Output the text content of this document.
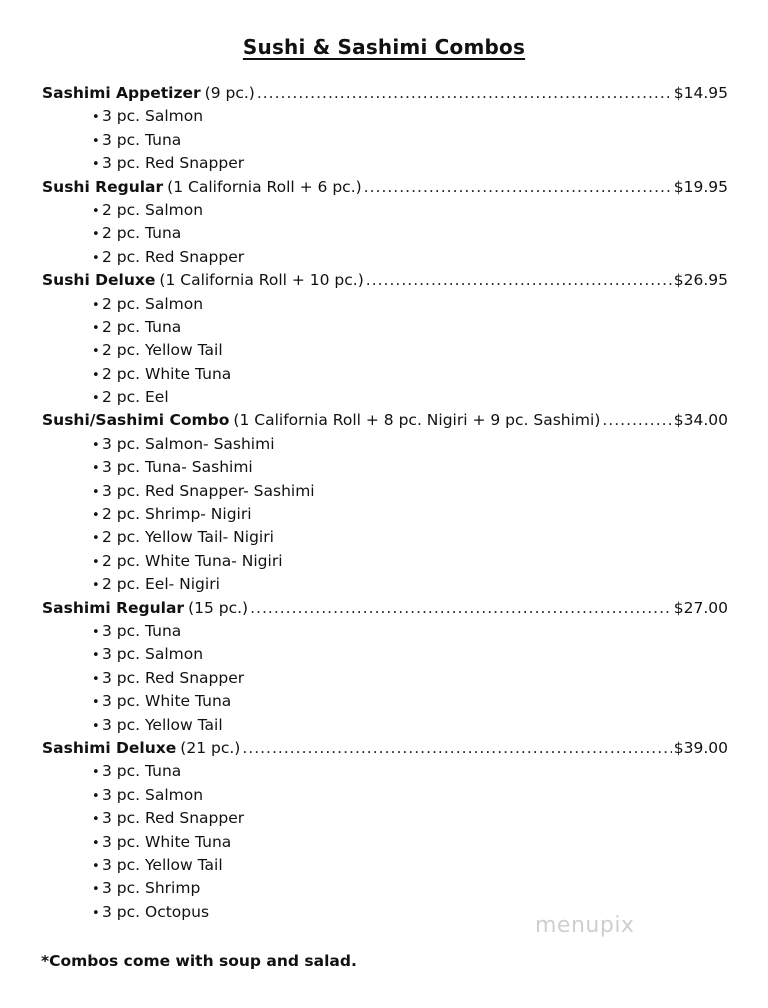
Sushi & Sashimi Combos
Sashimi Appetizer (9 pc.) .....	$14.95
• 3 pc. Salmon
• 3 pc. Tuna
• 3 pc. Red Snapper
Sushi Regular (1 California Roll + 6 pc.) .....	$19.95
• 2 pc. Salmon
• 2 pc. Tuna
• 2 pc. Red Snapper
Sushi Deluxe (1 California Roll + 10 pc.) .....	$26.95
• 2 pc. Salmon
• 2 pc. Tuna
• 2 pc. Yellow Tail
• 2 pc. White Tuna
• 2 pc. Eel
Sushi/Sashimi Combo (1 California Roll + 8 pc. Nigiri + 9 pc. Sashimi) .....	$34.00
• 3 pc. Salmon- Sashimi
• 3 pc. Tuna- Sashimi
• 3 pc. Red Snapper- Sashimi
• 2 pc. Shrimp- Nigiri
• 2 pc. Yellow Tail- Nigiri
• 2 pc. White Tuna- Nigiri
• 2 pc. Eel- Nigiri
Sashimi Regular (15 pc.) .....	$27.00
• 3 pc. Tuna
• 3 pc. Salmon
• 3 pc. Red Snapper
• 3 pc. White Tuna
• 3 pc. Yellow Tail
Sashimi Deluxe (21 pc.) .....	$39.00
• 3 pc. Tuna
• 3 pc. Salmon
• 3 pc. Red Snapper
• 3 pc. White Tuna
• 3 pc. Yellow Tail
• 3 pc. Shrimp
• 3 pc. Octopus
*Combos come with soup and salad.
menupix
